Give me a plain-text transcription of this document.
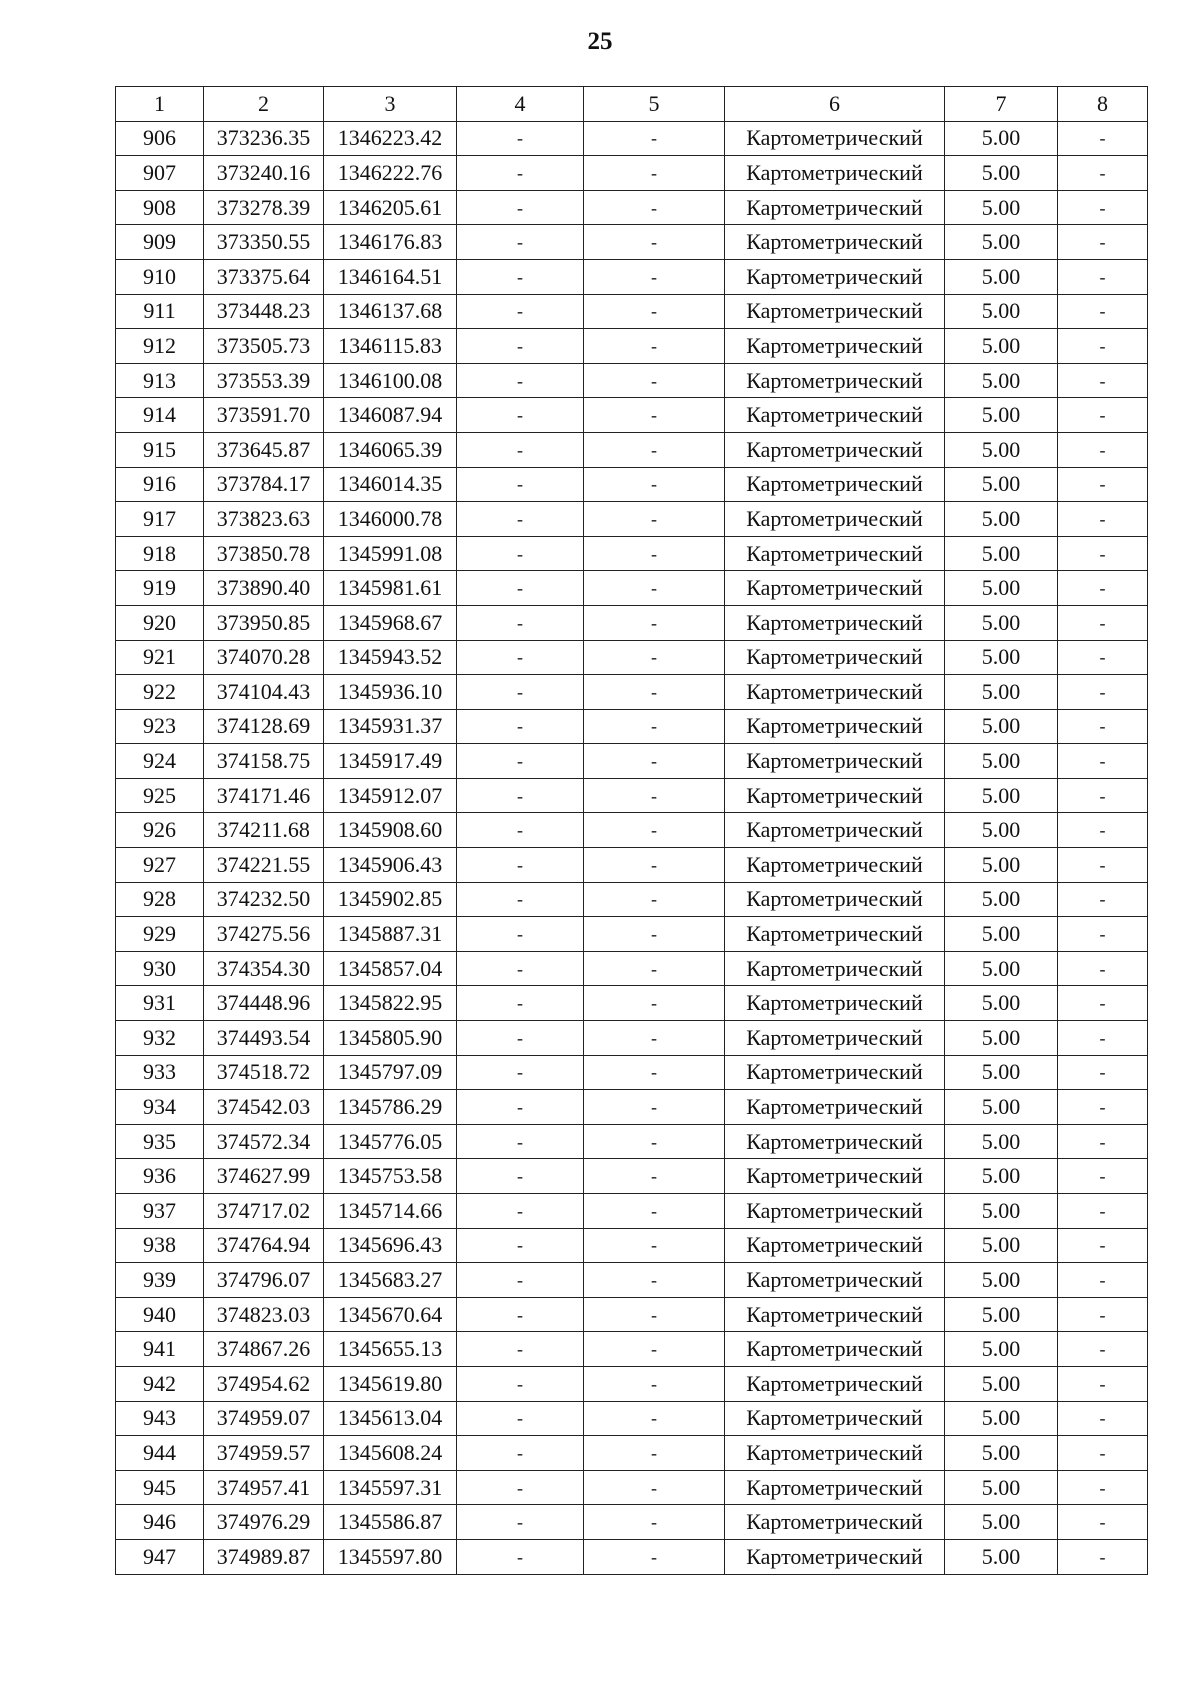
25
1	2	3	4	5	6	7	8
906	373236.35	1346223.42	-	-	Картометрический	5.00	-
907	373240.16	1346222.76	-	-	Картометрический	5.00	-
908	373278.39	1346205.61	-	-	Картометрический	5.00	-
909	373350.55	1346176.83	-	-	Картометрический	5.00	-
910	373375.64	1346164.51	-	-	Картометрический	5.00	-
911	373448.23	1346137.68	-	-	Картометрический	5.00	-
912	373505.73	1346115.83	-	-	Картометрический	5.00	-
913	373553.39	1346100.08	-	-	Картометрический	5.00	-
914	373591.70	1346087.94	-	-	Картометрический	5.00	-
915	373645.87	1346065.39	-	-	Картометрический	5.00	-
916	373784.17	1346014.35	-	-	Картометрический	5.00	-
917	373823.63	1346000.78	-	-	Картометрический	5.00	-
918	373850.78	1345991.08	-	-	Картометрический	5.00	-
919	373890.40	1345981.61	-	-	Картометрический	5.00	-
920	373950.85	1345968.67	-	-	Картометрический	5.00	-
921	374070.28	1345943.52	-	-	Картометрический	5.00	-
922	374104.43	1345936.10	-	-	Картометрический	5.00	-
923	374128.69	1345931.37	-	-	Картометрический	5.00	-
924	374158.75	1345917.49	-	-	Картометрический	5.00	-
925	374171.46	1345912.07	-	-	Картометрический	5.00	-
926	374211.68	1345908.60	-	-	Картометрический	5.00	-
927	374221.55	1345906.43	-	-	Картометрический	5.00	-
928	374232.50	1345902.85	-	-	Картометрический	5.00	-
929	374275.56	1345887.31	-	-	Картометрический	5.00	-
930	374354.30	1345857.04	-	-	Картометрический	5.00	-
931	374448.96	1345822.95	-	-	Картометрический	5.00	-
932	374493.54	1345805.90	-	-	Картометрический	5.00	-
933	374518.72	1345797.09	-	-	Картометрический	5.00	-
934	374542.03	1345786.29	-	-	Картометрический	5.00	-
935	374572.34	1345776.05	-	-	Картометрический	5.00	-
936	374627.99	1345753.58	-	-	Картометрический	5.00	-
937	374717.02	1345714.66	-	-	Картометрический	5.00	-
938	374764.94	1345696.43	-	-	Картометрический	5.00	-
939	374796.07	1345683.27	-	-	Картометрический	5.00	-
940	374823.03	1345670.64	-	-	Картометрический	5.00	-
941	374867.26	1345655.13	-	-	Картометрический	5.00	-
942	374954.62	1345619.80	-	-	Картометрический	5.00	-
943	374959.07	1345613.04	-	-	Картометрический	5.00	-
944	374959.57	1345608.24	-	-	Картометрический	5.00	-
945	374957.41	1345597.31	-	-	Картометрический	5.00	-
946	374976.29	1345586.87	-	-	Картометрический	5.00	-
947	374989.87	1345597.80	-	-	Картометрический	5.00	-
